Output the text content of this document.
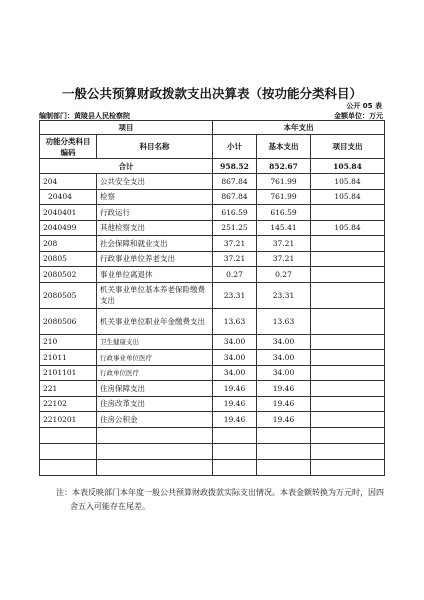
一般公共预算财政拨款支出决算表（按功能分类科目）
公开 05 表
编制部门：黄陵县人民检察院	金额单位：万元
项目		本年支出		
功能分类科目编码	科目名称	小计	基本支出	项目支出
合计		958.52	852.67	105.84
204	公共安全支出	867.84	761.99	105.84
20404	检察	867.84	761.99	105.84
2040401	行政运行	616.59	616.59	
2040499	其他检察支出	251.25	145.41	105.84
208	社会保障和就业支出	37.21	37.21	
20805	行政事业单位养老支出	37.21	37.21	
2080502	事业单位离退休	0.27	0.27	
2080505	机关事业单位基本养老保险缴费支出	23.31	23.31	
2080506	机关事业单位职业年金缴费支出	13.63	13.63	
210	卫生健康支出	34.00	34.00	
21011	行政事业单位医疗	34.00	34.00	
2101101	行政单位医疗	34.00	34.00	
221	住房保障支出	19.46	19.46	
22102	住房改革支出	19.46	19.46	
2210201	住房公积金	19.46	19.46	

注：本表反映部门本年度一般公共预算财政拨款实际支出情况。本表金额转换为万元时，因四舍五入可能存在尾差。
